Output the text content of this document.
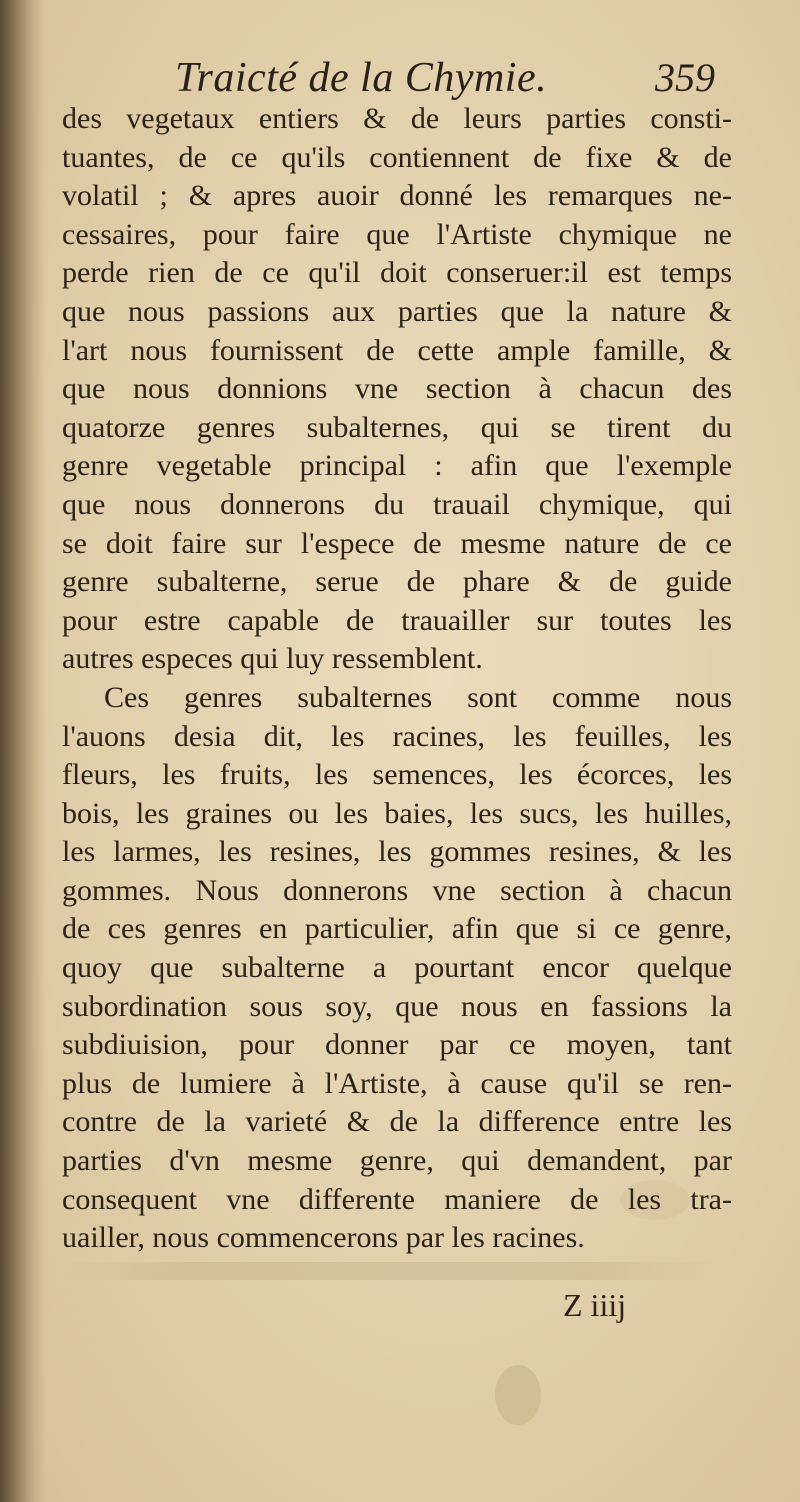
Traicté de la Chymie.	359
des vegetaux entiers & de leurs parties consti-
tuantes, de ce qu'ils contiennent de fixe & de
volatil ; & apres auoir donné les remarques ne-
cessaires, pour faire que l'Artiste chymique ne
perde rien de ce qu'il doit conseruer:il est temps
que nous passions aux parties que la nature &
l'art nous fournissent de cette ample famille, &
que nous donnions vne section à chacun des
quatorze genres subalternes, qui se tirent du
genre vegetable principal : afin que l'exemple
que nous donnerons du trauail chymique, qui
se doit faire sur l'espece de mesme nature de ce
genre subalterne, serue de phare & de guide
pour estre capable de trauailler sur toutes les
autres especes qui luy ressemblent.
Ces genres subalternes sont comme nous
l'auons desia dit, les racines, les feuilles, les
fleurs, les fruits, les semences, les écorces, les
bois, les graines ou les baies, les sucs, les huilles,
les larmes, les resines, les gommes resines, & les
gommes. Nous donnerons vne section à chacun
de ces genres en particulier, afin que si ce genre,
quoy que subalterne a pourtant encor quelque
subordination sous soy, que nous en fassions la
subdiuision, pour donner par ce moyen, tant
plus de lumiere à l'Artiste, à cause qu'il se ren-
contre de la varieté & de la difference entre les
parties d'vn mesme genre, qui demandent, par
consequent vne differente maniere de les tra-
uailler, nous commencerons par les racines.
Z iiij
